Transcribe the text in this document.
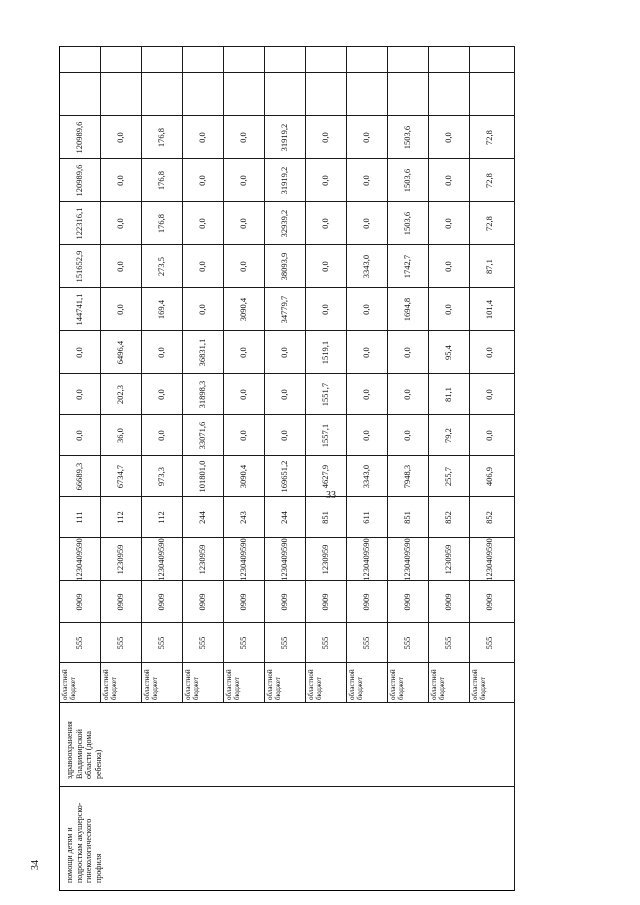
34	помощи детям и подросткам акушерско-гинекологического профиля
здравоохранения Владимирской области (дома ребенка)
областной бюджет
555
0909
1230409590
111
66689,3
0,0
0,0
0,0
144741,1
151652,9
122316,1
120989,6
120989,6
областной бюджет
555
0909
1230959
112
6734,7
36,0
202,3
6496,4
0,0
0,0
0,0
0,0
0,0
областной бюджет
555
0909
1230409590
112
973,3
0,0
0,0
0,0
169,4
273,5
176,8
176,8
176,8
областной бюджет
555
0909
1230959
244
101801,0
33071,6
31898,3
36831,1
0,0
0,0
0,0
0,0
0,0
областной бюджет
555
0909
1230409590
243
3090,4
0,0
0,0
0,0
3090,4
0,0
0,0
0,0
0,0
областной бюджет
555
0909
1230409590
244
169651,2
0,0
0,0
0,0
34779,7
38093,9
32939,2
31919,2
31919,2
областной бюджет
555
0909
1230959
851
4627,9
1557,1
1551,7
1519,1
0,0
0,0
0,0
0,0
0,0
областной бюджет
555
0909
1230409590
611
3343,0
0,0
0,0
0,0
0,0
3343,0
0,0
0,0
0,0
областной бюджет
555
0909
1230409590
851
7948,3
0,0
0,0
0,0
1694,8
1742,7
1503,6
1503,6
1503,6
областной бюджет
555
0909
1230959
852
255,7
79,2
81,1
95,4
0,0
0,0
0,0
0,0
0,0
областной бюджет
555
0909
1230409590
852
406,9
0,0
0,0
0,0
101,4
87,1
72,8
72,8
72,8
